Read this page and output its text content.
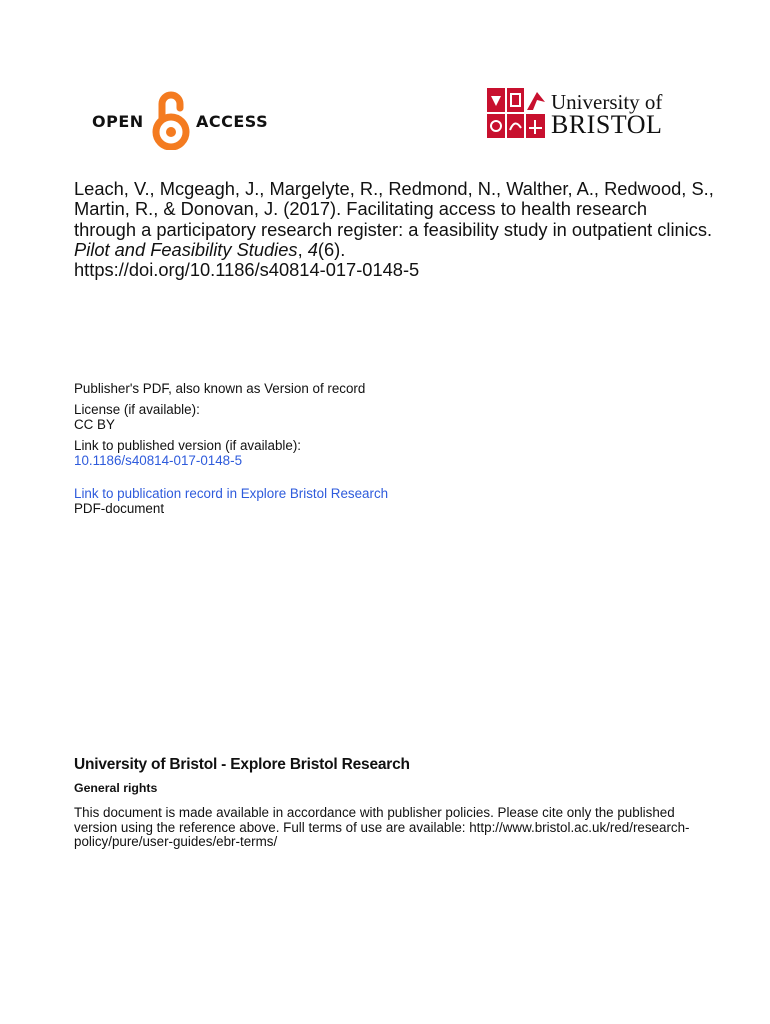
OPEN	ACCESS
University of
BRISTOL
Leach, V., Mcgeagh, J., Margelyte, R., Redmond, N., Walther, A., Redwood, S., Martin, R., & Donovan, J. (2017). Facilitating access to health research through a participatory research register: a feasibility study in outpatient clinics. Pilot and Feasibility Studies, 4(6).
https://doi.org/10.1186/s40814-017-0148-5
Publisher's PDF, also known as Version of record
License (if available):
CC BY
Link to published version (if available):
10.1186/s40814-017-0148-5
Link to publication record in Explore Bristol Research
PDF-document
University of Bristol - Explore Bristol Research
General rights
This document is made available in accordance with publisher policies. Please cite only the published version using the reference above. Full terms of use are available: http://www.bristol.ac.uk/red/research-policy/pure/user-guides/ebr-terms/
